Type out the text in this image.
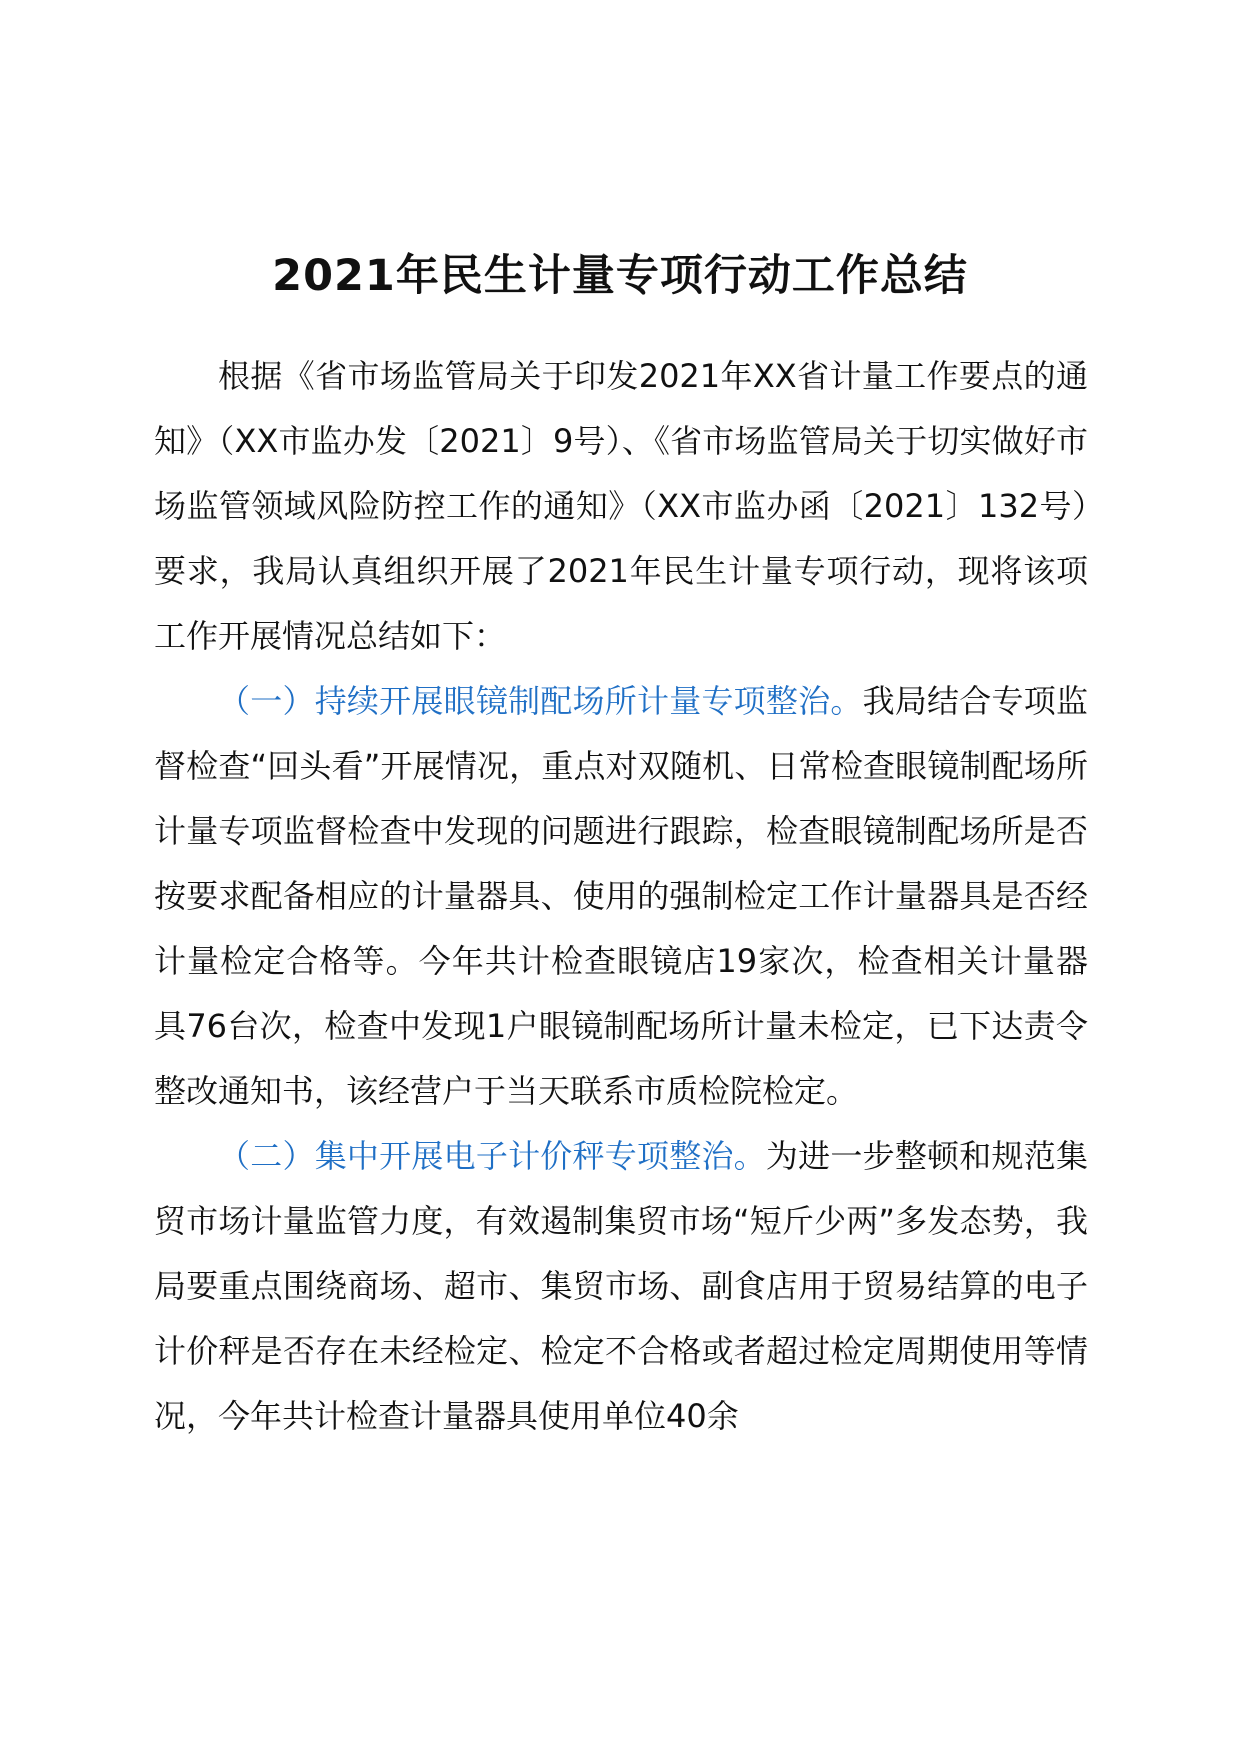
2021年民生计量专项行动工作总结

根据《省市场监管局关于印发2021年XX省计量工作要点的通知》（XX市监办发〔2021〕9号）、《省市场监管局关于切实做好市场监管领域风险防控工作的通知》（XX市监办函〔2021〕132号）要求，我局认真组织开展了2021年民生计量专项行动，现将该项工作开展情况总结如下：

（一）持续开展眼镜制配场所计量专项整治。我局结合专项监督检查“回头看”开展情况，重点对双随机、日常检查眼镜制配场所计量专项监督检查中发现的问题进行跟踪，检查眼镜制配场所是否按要求配备相应的计量器具、使用的强制检定工作计量器具是否经计量检定合格等。今年共计检查眼镜店19家次，检查相关计量器具76台次，检查中发现1户眼镜制配场所计量未检定，已下达责令整改通知书，该经营户于当天联系市质检院检定。

（二）集中开展电子计价秤专项整治。为进一步整顿和规范集贸市场计量监管力度，有效遏制集贸市场“短斤少两”多发态势，我局要重点围绕商场、超市、集贸市场、副食店用于贸易结算的电子计价秤是否存在未经检定、检定不合格或者超过检定周期使用等情况，今年共计检查计量器具使用单位40余
